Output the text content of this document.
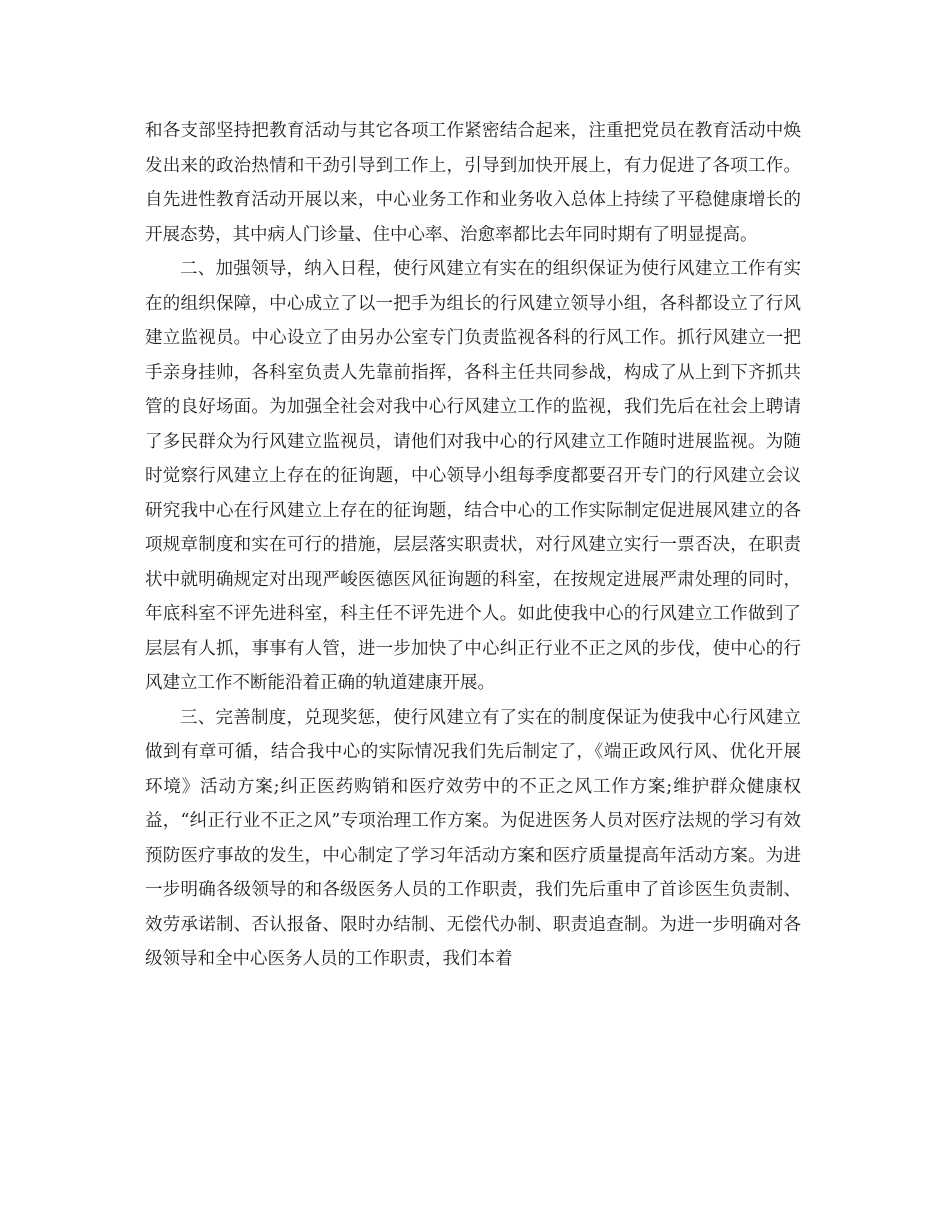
和各支部坚持把教育活动与其它各项工作紧密结合起来，注重把党员在教育活动中焕发出来的政治热情和干劲引导到工作上，引导到加快开展上，有力促进了各项工作。自先进性教育活动开展以来，中心业务工作和业务收入总体上持续了平稳健康增长的开展态势，其中病人门诊量、住中心率、治愈率都比去年同时期有了明显提高。

二、加强领导，纳入日程，使行风建立有实在的组织保证为使行风建立工作有实在的组织保障，中心成立了以一把手为组长的行风建立领导小组，各科都设立了行风建立监视员。中心设立了由另办公室专门负责监视各科的行风工作。抓行风建立一把手亲身挂帅，各科室负责人先靠前指挥，各科主任共同参战，构成了从上到下齐抓共管的良好场面。为加强全社会对我中心行风建立工作的监视，我们先后在社会上聘请了多民群众为行风建立监视员，请他们对我中心的行风建立工作随时进展监视。为随时觉察行风建立上存在的征询题，中心领导小组每季度都要召开专门的行风建立会议研究我中心在行风建立上存在的征询题，结合中心的工作实际制定促进展风建立的各项规章制度和实在可行的措施，层层落实职责状，对行风建立实行一票否决，在职责状中就明确规定对出现严峻医德医风征询题的科室，在按规定进展严肃处理的同时，年底科室不评先进科室，科主任不评先进个人。如此使我中心的行风建立工作做到了层层有人抓，事事有人管，进一步加快了中心纠正行业不正之风的步伐，使中心的行风建立工作不断能沿着正确的轨道建康开展。

三、完善制度，兑现奖惩，使行风建立有了实在的制度保证为使我中心行风建立做到有章可循，结合我中心的实际情况我们先后制定了，《端正政风行风、优化开展环境》活动方案;纠正医药购销和医疗效劳中的不正之风工作方案;维护群众健康权益，“纠正行业不正之风”专项治理工作方案。为促进医务人员对医疗法规的学习有效预防医疗事故的发生，中心制定了学习年活动方案和医疗质量提高年活动方案。为进一步明确各级领导的和各级医务人员的工作职责，我们先后重申了首诊医生负责制、效劳承诺制、否认报备、限时办结制、无偿代办制、职责追查制。为进一步明确对各级领导和全中心医务人员的工作职责，我们本着
